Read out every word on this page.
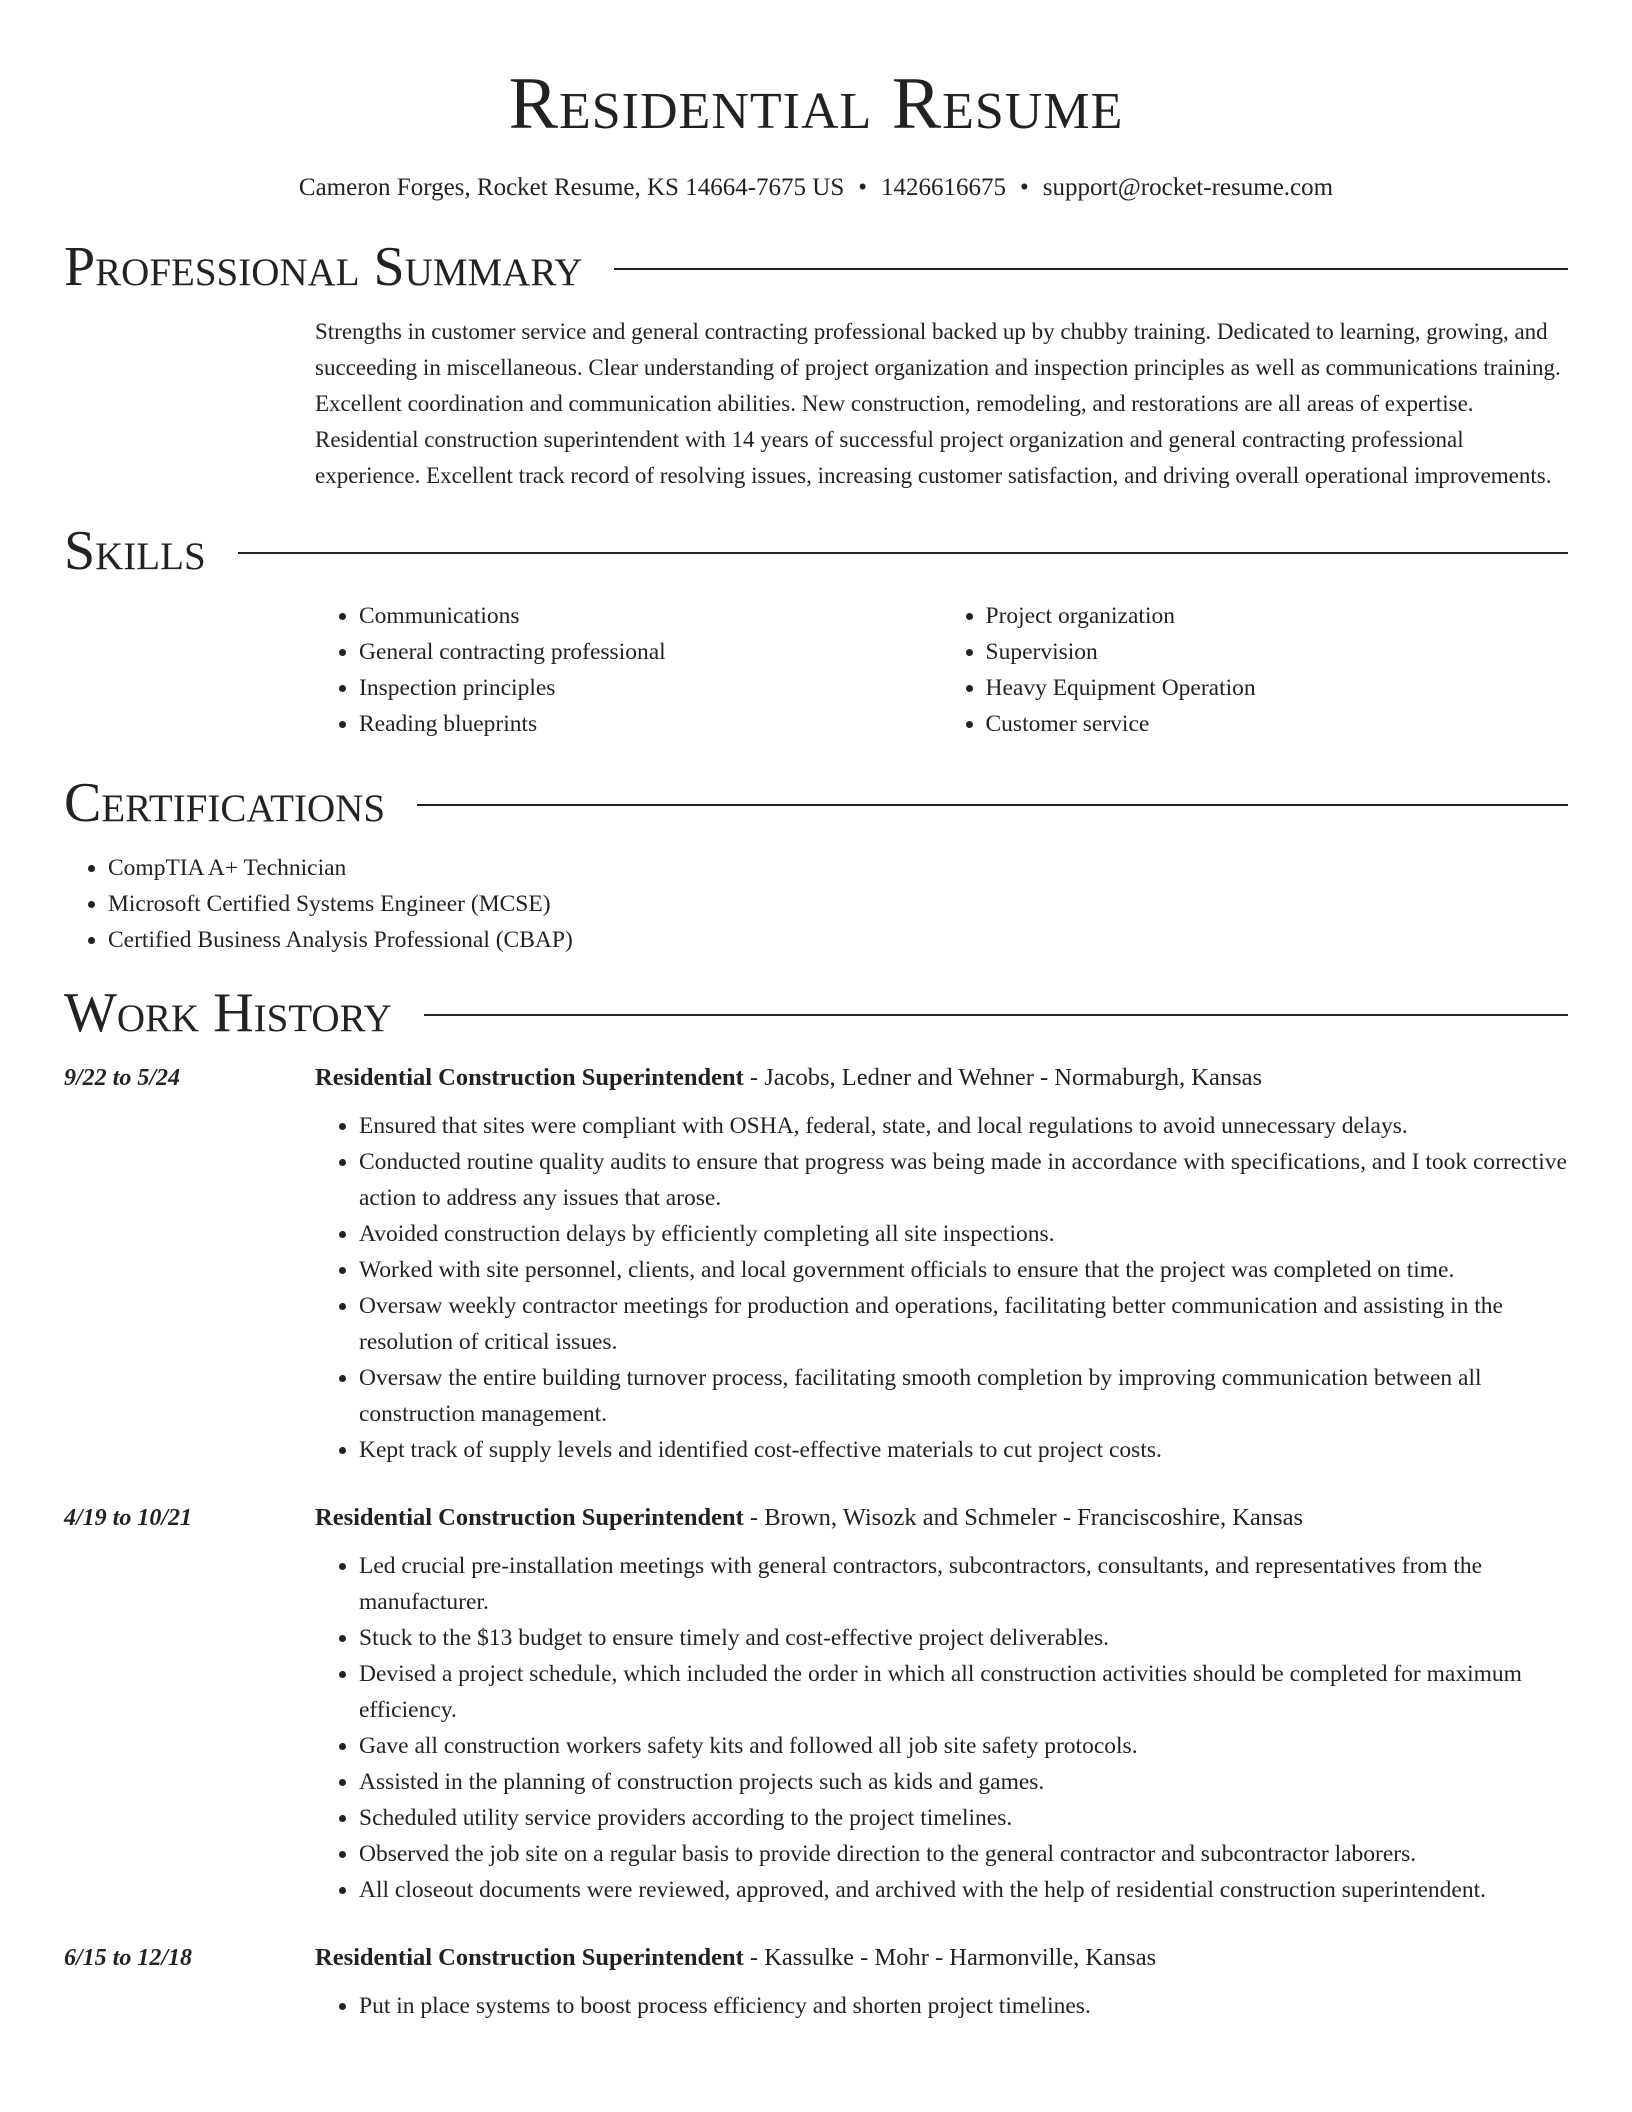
Residential Resume
Cameron Forges, Rocket Resume, KS 14664-7675 US • 1426616675 • support@rocket-resume.com
Professional Summary

Strengths in customer service and general contracting professional backed up by chubby training. Dedicated to learning, growing, and succeeding in miscellaneous. Clear understanding of project organization and inspection principles as well as communications training. Excellent coordination and communication abilities. New construction, remodeling, and restorations are all areas of expertise. Residential construction superintendent with 14 years of successful project organization and general contracting professional experience. Excellent track record of resolving issues, increasing customer satisfaction, and driving overall operational improvements.

Skills
• Communications
• General contracting professional
• Inspection principles
• Reading blueprints
• Project organization
• Supervision
• Heavy Equipment Operation
• Customer service
Certifications
• CompTIA A+ Technician
• Microsoft Certified Systems Engineer (MCSE)
• Certified Business Analysis Professional (CBAP)
Work History
9/22 to 5/24	Residential Construction Superintendent - Jacobs, Ledner and Wehner - Normaburgh, Kansas
• Ensured that sites were compliant with OSHA, federal, state, and local regulations to avoid unnecessary delays.
• Conducted routine quality audits to ensure that progress was being made in accordance with specifications, and I took corrective action to address any issues that arose.
• Avoided construction delays by efficiently completing all site inspections.
• Worked with site personnel, clients, and local government officials to ensure that the project was completed on time.
• Oversaw weekly contractor meetings for production and operations, facilitating better communication and assisting in the resolution of critical issues.
• Oversaw the entire building turnover process, facilitating smooth completion by improving communication between all construction management.
• Kept track of supply levels and identified cost-effective materials to cut project costs.
4/19 to 10/21	Residential Construction Superintendent - Brown, Wisozk and Schmeler - Franciscoshire, Kansas
• Led crucial pre-installation meetings with general contractors, subcontractors, consultants, and representatives from the manufacturer.
• Stuck to the $13 budget to ensure timely and cost-effective project deliverables.
• Devised a project schedule, which included the order in which all construction activities should be completed for maximum efficiency.
• Gave all construction workers safety kits and followed all job site safety protocols.
• Assisted in the planning of construction projects such as kids and games.
• Scheduled utility service providers according to the project timelines.
• Observed the job site on a regular basis to provide direction to the general contractor and subcontractor laborers.
• All closeout documents were reviewed, approved, and archived with the help of residential construction superintendent.
6/15 to 12/18	Residential Construction Superintendent - Kassulke - Mohr - Harmonville, Kansas
• Put in place systems to boost process efficiency and shorten project timelines.
